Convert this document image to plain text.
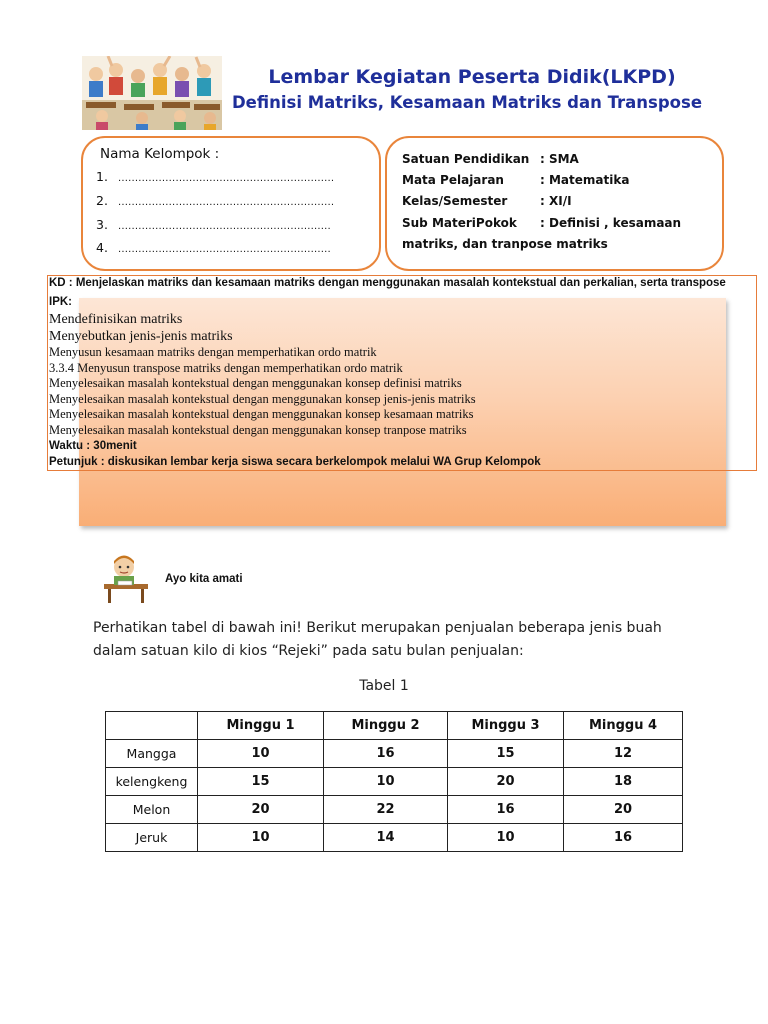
Lembar Kegiatan Peserta Didik(LKPD)
Definisi Matriks, Kesamaan Matriks dan Transpose
Nama Kelompok :
1. ................................................................
2. ................................................................
3. ...............................................................
4. ...............................................................
Satuan Pendidikan : SMA
Mata Pelajaran	: Matematika
Kelas/Semester	: XI/I
Sub MateriPokok : Definisi , kesamaan
matriks, dan tranpose matriks
KD : Menjelaskan matriks dan kesamaan matriks dengan menggunakan masalah kontekstual dan perkalian, serta transpose
IPK:
Mendefinisikan matriks
Menyebutkan jenis-jenis matriks
Menyusun kesamaan matriks dengan memperhatikan ordo matrik
3.3.4 Menyusun transpose matriks dengan memperhatikan ordo matrik
Menyelesaikan masalah kontekstual dengan menggunakan konsep definisi matriks
Menyelesaikan masalah kontekstual dengan menggunakan konsep jenis-jenis matriks
Menyelesaikan masalah kontekstual dengan menggunakan konsep kesamaan matriks
Menyelesaikan masalah kontekstual dengan menggunakan konsep tranpose matriks
Waktu : 30menit
Petunjuk : diskusikan lembar kerja siswa secara berkelompok melalui WA Grup Kelompok
Ayo kita amati
Perhatikan tabel di bawah ini! Berikut merupakan penjualan beberapa jenis buah dalam satuan kilo di kios “Rejeki” pada satu bulan penjualan:
Tabel 1
	Minggu 1	Minggu 2	Minggu 3	Minggu 4
Mangga	10	16	15	12
kelengkeng	15	10	20	18
Melon	20	22	16	20
Jeruk	10	14	10	16
